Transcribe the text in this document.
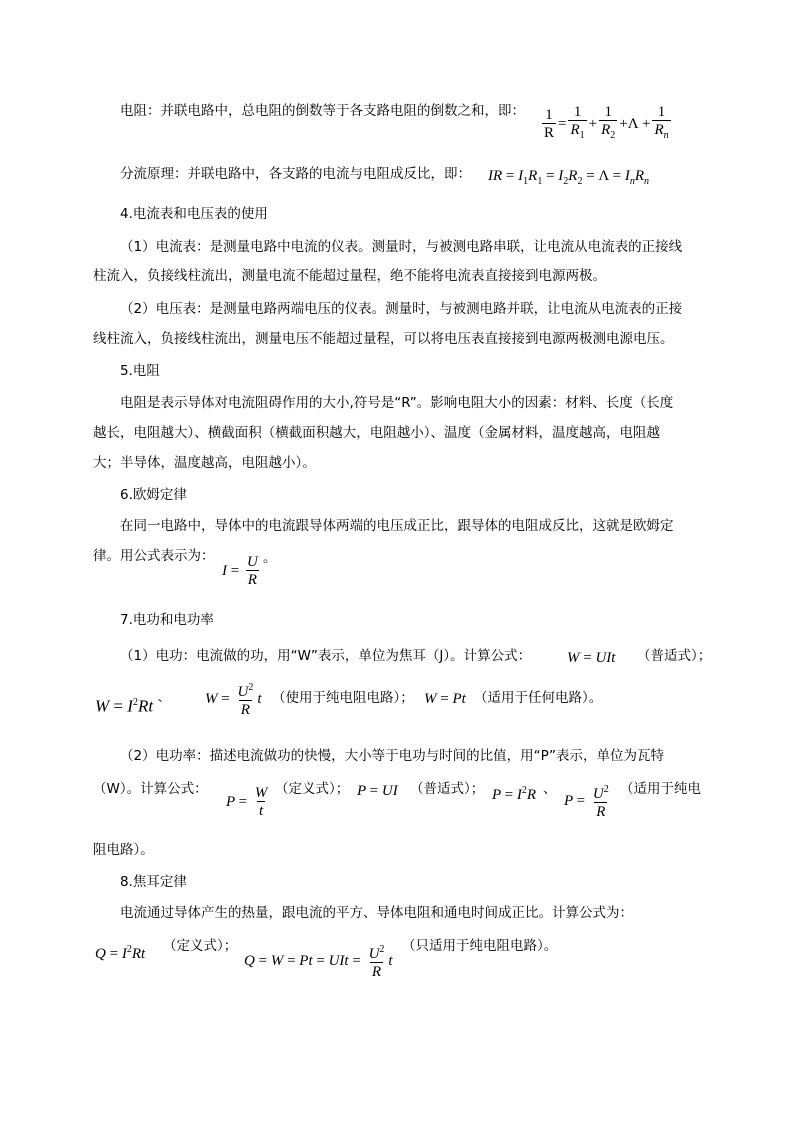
电阻：并联电路中，总电阻的倒数等于各支路电阻的倒数之和，即： $\frac{1}{R} = \frac{1}{R_1} + \frac{1}{R_2} +\Lambda + \frac{1}{R_n}$
分流原理：并联电路中，各支路的电流与电阻成反比，即： IR = $I_1R_1 = I_2R_2 = \Lambda = I_nR_n$
4.电流表和电压表的使用
（1）电流表：是测量电路中电流的仪表。测量时，与被测电路串联，让电流从电流表的正接线
柱流入，负接线柱流出，测量电流不能超过量程，绝不能将电流表直接接到电源两极。
（2）电压表：是测量电路两端电压的仪表。测量时，与被测电路并联，让电流从电流表的正接
线柱流入，负接线柱流出，测量电压不能超过量程，可以将电压表直接接到电源两极测电源电压。
5.电阻
电阻是表示导体对电流阻碍作用的大小,符号是“R”。影响电阻大小的因素：材料、长度（长度
越长，电阻越大）、横截面积（横截面积越大，电阻越小）、温度（金属材料，温度越高，电阻越
大；半导体，温度越高，电阻越小）。
6.欧姆定律
在同一电路中，导体中的电流跟导体两端的电压成正比，跟导体的电阻成反比，这就是欧姆定
律。用公式表示为：
$I = \frac{U}{R}$ 。
7.电功和电功率
（1）电功：电流做的功，用“W”表示，单位为焦耳（J）。计算公式： W = UIt （普适式）；
$W = I^2Rt$ `	$W = \frac{U^2}{R}$ t （使用于纯电阻电路）； W = Pt （适用于任何电路）。
（2）电功率：描述电流做功的快慢，大小等于电功与时间的比值，用“P”表示，单位为瓦特
（W）。计算公式：
$P = \frac{W}{t}$ （定义式）； P = UI （普适式）； $P = I^2R$ 、
$P = \frac{U^2}{R}$ （适用于纯电
阻电路）。
8.焦耳定律
电流通过导体产生的热量，跟电流的平方、导体电阻和通电时间成正比。计算公式为：
$Q = I^2Rt$ （定义式）；
Q = W = Pt = UIt = $\frac{U^2}{R}$ t
（只适用于纯电阻电路）。
